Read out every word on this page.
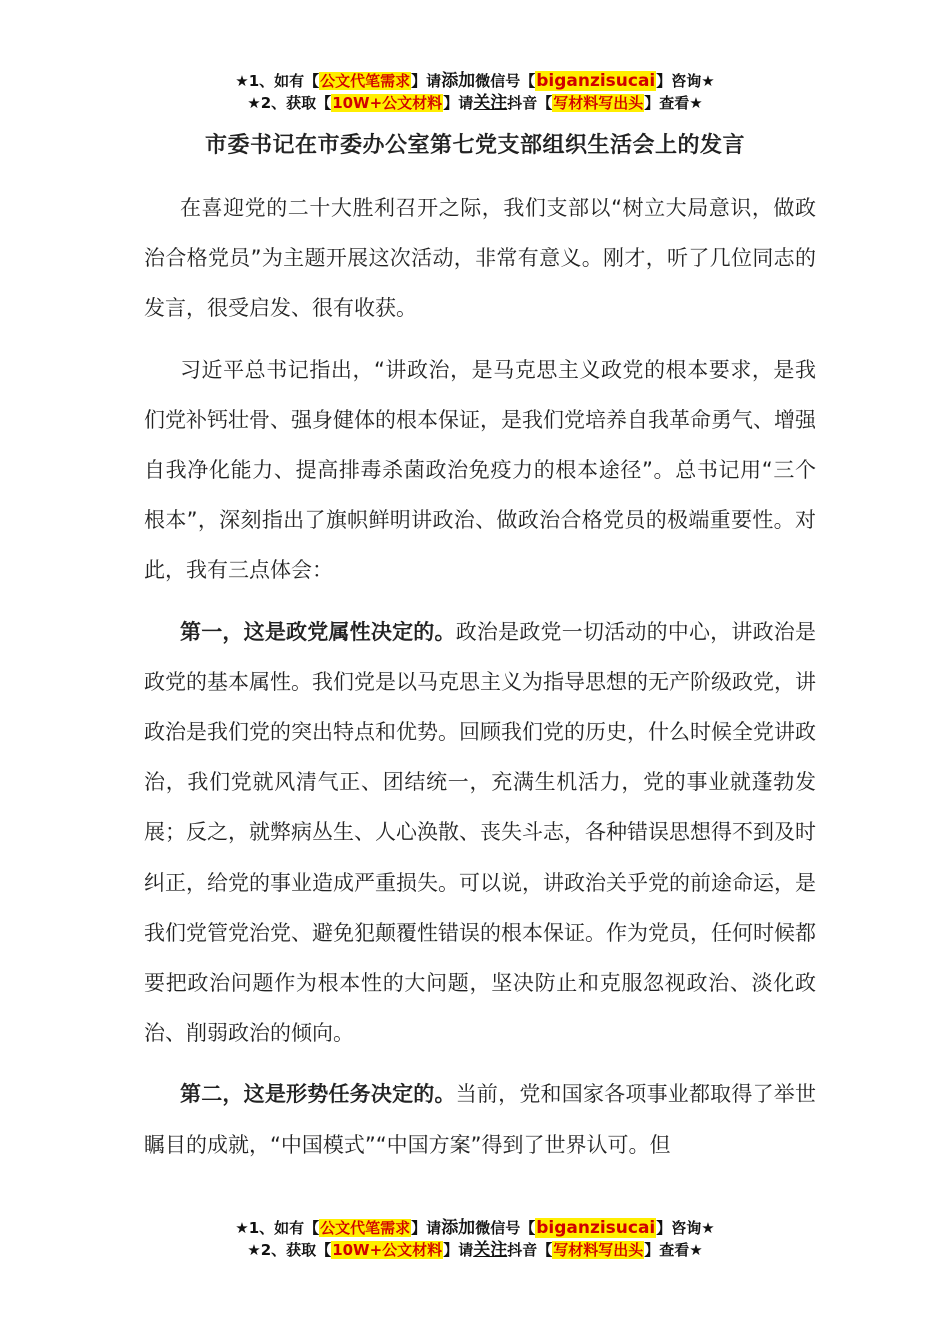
★1、如有【公文代笔需求】请添加微信号【biganzisucai】咨询★
★2、获取【10W+公文材料】请关注抖音【写材料写出头】查看★
市委书记在市委办公室第七党支部组织生活会上的发言

在喜迎党的二十大胜利召开之际，我们支部以“树立大局意识，做政治合格党员”为主题开展这次活动，非常有意义。刚才，听了几位同志的发言，很受启发、很有收获。

习近平总书记指出，“讲政治，是马克思主义政党的根本要求，是我们党补钙壮骨、强身健体的根本保证，是我们党培养自我革命勇气、增强自我净化能力、提高排毒杀菌政治免疫力的根本途径”。总书记用“三个根本”，深刻指出了旗帜鲜明讲政治、做政治合格党员的极端重要性。对此，我有三点体会：

第一，这是政党属性决定的。政治是政党一切活动的中心，讲政治是政党的基本属性。我们党是以马克思主义为指导思想的无产阶级政党，讲政治是我们党的突出特点和优势。回顾我们党的历史，什么时候全党讲政治，我们党就风清气正、团结统一，充满生机活力，党的事业就蓬勃发展；反之，就弊病丛生、人心涣散、丧失斗志，各种错误思想得不到及时纠正，给党的事业造成严重损失。可以说，讲政治关乎党的前途命运，是我们党管党治党、避免犯颠覆性错误的根本保证。作为党员，任何时候都要把政治问题作为根本性的大问题，坚决防止和克服忽视政治、淡化政治、削弱政治的倾向。

第二，这是形势任务决定的。当前，党和国家各项事业都取得了举世瞩目的成就，“中国模式”“中国方案”得到了世界认可。但

★1、如有【公文代笔需求】请添加微信号【biganzisucai】咨询★
★2、获取【10W+公文材料】请关注抖音【写材料写出头】查看★
